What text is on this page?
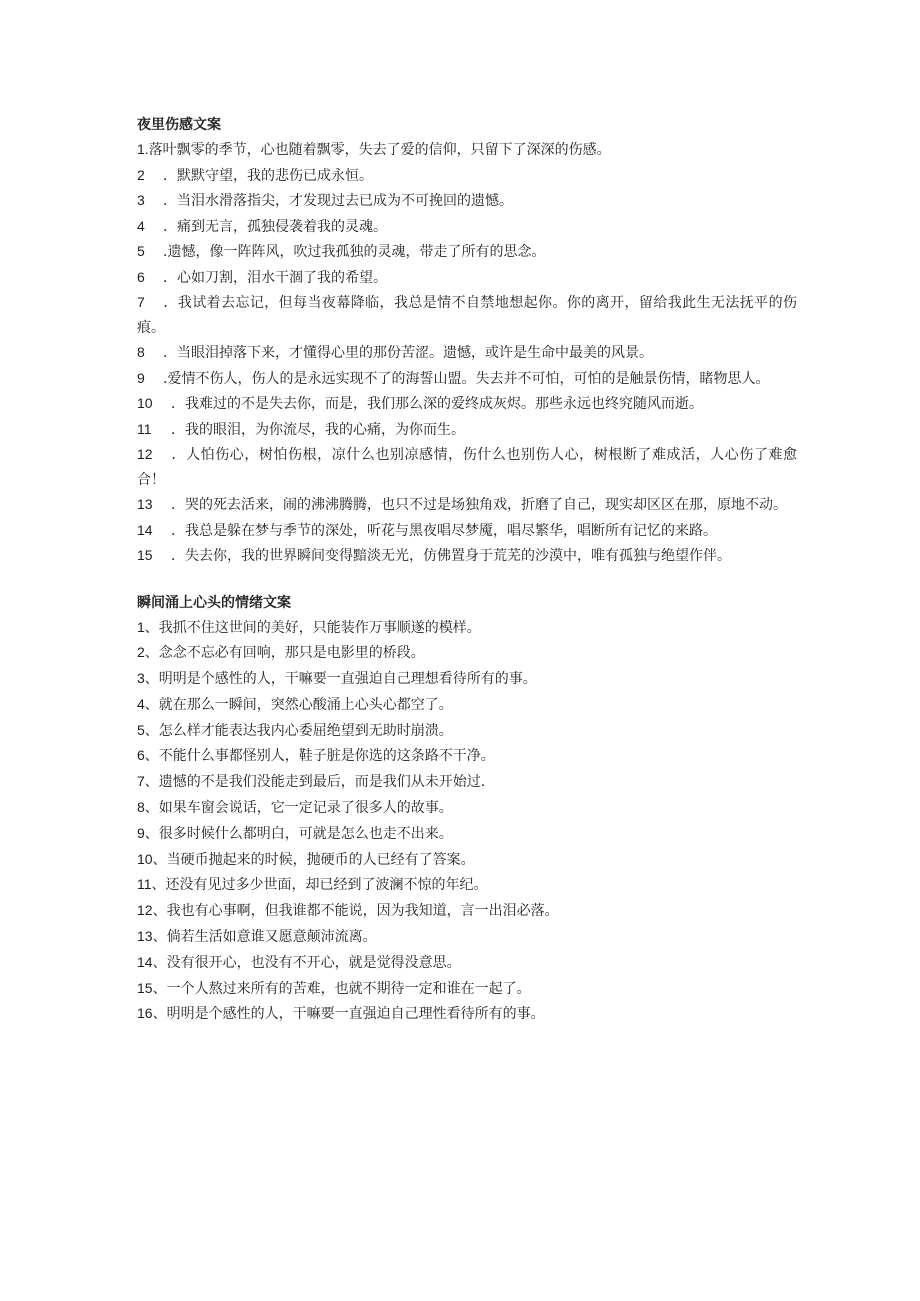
夜里伤感文案
1.落叶飘零的季节，心也随着飘零，失去了爱的信仰，只留下了深深的伤感。
2 ．默默守望，我的悲伤已成永恒。
3 ．当泪水滑落指尖，才发现过去已成为不可挽回的遗憾。
4 ．痛到无言，孤独侵袭着我的灵魂。
5 .遗憾，像一阵阵风，吹过我孤独的灵魂，带走了所有的思念。
6 ．心如刀割，泪水干涸了我的希望。
7 ．我试着去忘记，但每当夜幕降临，我总是情不自禁地想起你。你的离开，留给我此生无法抚平的伤痕。
8 ．当眼泪掉落下来，才懂得心里的那份苦涩。遗憾，或许是生命中最美的风景。
9 .爱情不伤人，伤人的是永远实现不了的海誓山盟。失去并不可怕，可怕的是触景伤情，睹物思人。
10 ．我难过的不是失去你，而是，我们那么深的爱终成灰烬。那些永远也终究随风而逝。
11 ．我的眼泪，为你流尽，我的心痛，为你而生。
12 ．人怕伤心，树怕伤根，凉什么也别凉感情，伤什么也别伤人心，树根断了难成活，人心伤了难愈合！
13 ．哭的死去活来，闹的沸沸腾腾，也只不过是场独角戏，折磨了自己，现实却区区在那，原地不动。
14 ．我总是躲在梦与季节的深处，听花与黑夜唱尽梦魇，唱尽繁华，唱断所有记忆的来路。
15 ．失去你，我的世界瞬间变得黯淡无光，仿佛置身于荒芜的沙漠中，唯有孤独与绝望作伴。
瞬间涌上心头的情绪文案
1、我抓不住这世间的美好，只能装作万事顺遂的模样。
2、念念不忘必有回响，那只是电影里的桥段。
3、明明是个感性的人，干嘛要一直强迫自己理想看待所有的事。
4、就在那么一瞬间，突然心酸涌上心头心都空了。
5、怎么样才能表达我内心委屈绝望到无助时崩溃。
6、不能什么事都怪别人，鞋子脏是你选的这条路不干净。
7、遗憾的不是我们没能走到最后，而是我们从未开始过.
8、如果车窗会说话，它一定记录了很多人的故事。
9、很多时候什么都明白，可就是怎么也走不出来。
10、当硬币抛起来的时候，抛硬币的人已经有了答案。
11、还没有见过多少世面，却已经到了波澜不惊的年纪。
12、我也有心事啊，但我谁都不能说，因为我知道，言一出泪必落。
13、倘若生活如意谁又愿意颠沛流离。
14、没有很开心，也没有不开心，就是觉得没意思。
15、一个人熬过来所有的苦难，也就不期待一定和谁在一起了。
16、明明是个感性的人，干嘛要一直强迫自己理性看待所有的事。
